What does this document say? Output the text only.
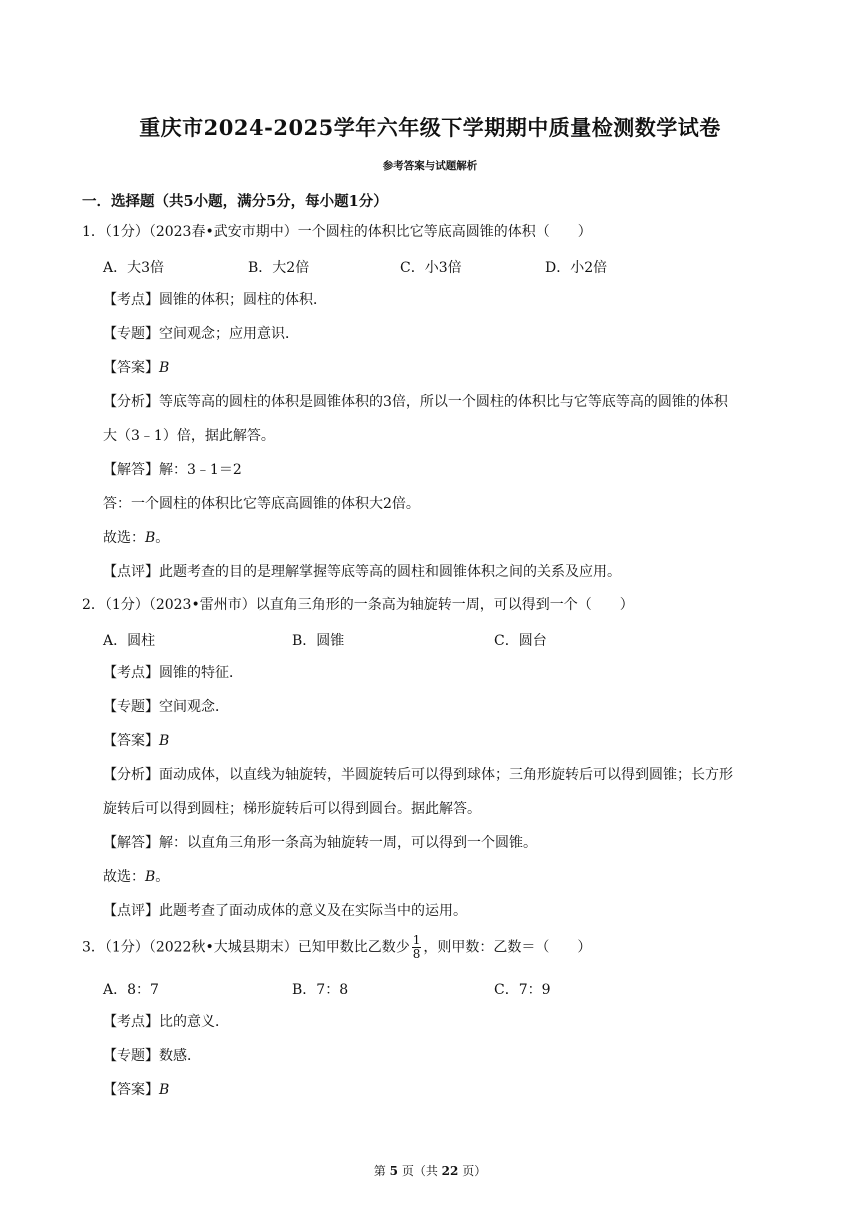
重庆市2024-2025学年六年级下学期期中质量检测数学试卷
参考答案与试题解析
一．选择题（共5小题，满分5分，每小题1分）
1．（1分）（2023春•武安市期中）一个圆柱的体积比它等底高圆锥的体积（　　）
A．大3倍	B．大2倍	C．小3倍	D．小2倍
【考点】圆锥的体积；圆柱的体积．
【专题】空间观念；应用意识．
【答案】B
【分析】等底等高的圆柱的体积是圆锥体积的3倍，所以一个圆柱的体积比与它等底等高的圆锥的体积
大（3﹣1）倍，据此解答。
【解答】解：3﹣1＝2
答：一个圆柱的体积比它等底高圆锥的体积大2倍。
故选：B。
【点评】此题考查的目的是理解掌握等底等高的圆柱和圆锥体积之间的关系及应用。
2．（1分）（2023•雷州市）以直角三角形的一条高为轴旋转一周，可以得到一个（　　）
A．圆柱	B．圆锥	C．圆台
【考点】圆锥的特征．
【专题】空间观念．
【答案】B
【分析】面动成体，以直线为轴旋转，半圆旋转后可以得到球体；三角形旋转后可以得到圆锥；长方形
旋转后可以得到圆柱；梯形旋转后可以得到圆台。据此解答。
【解答】解：以直角三角形一条高为轴旋转一周，可以得到一个圆锥。
故选：B。
【点评】此题考查了面动成体的意义及在实际当中的运用。
3．（1分）（2022秋•大城县期末）已知甲数比乙数少 $\frac{1}{8}$ ，则甲数：乙数＝（　　）
A．8：7	B．7：8	C．7：9
【考点】比的意义．
【专题】数感．
【答案】B
第 5 页（共 22 页）
